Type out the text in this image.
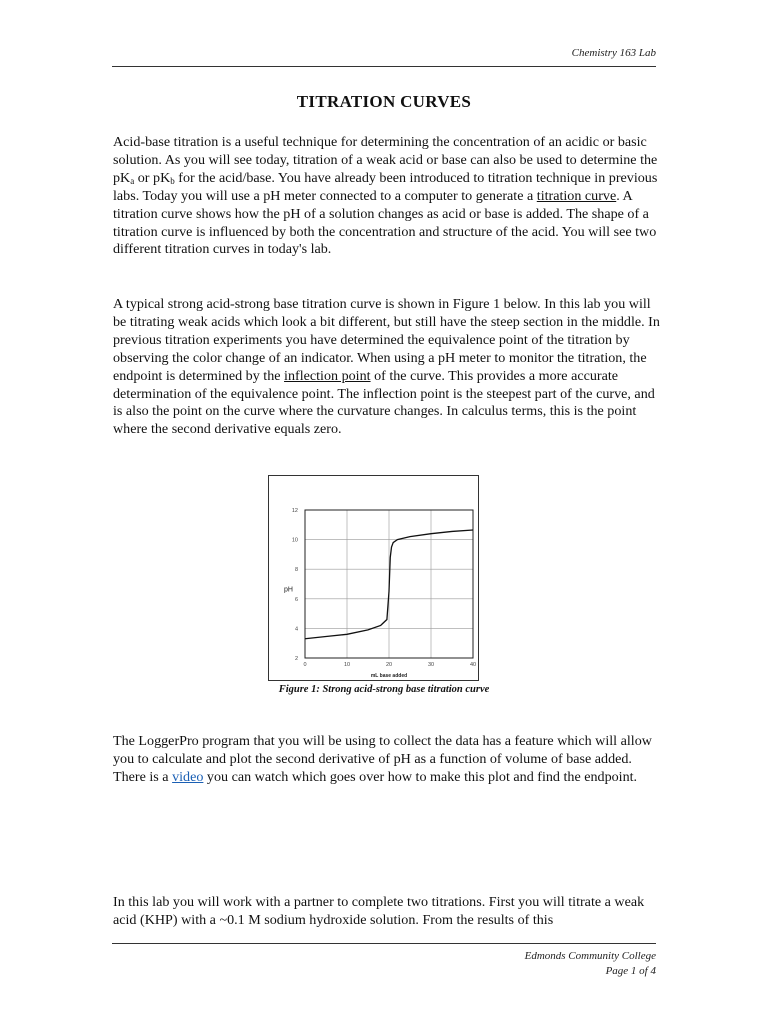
Chemistry 163 Lab
TITRATION CURVES

Acid-base titration is a useful technique for determining the concentration of an acidic or basic solution. As you will see today, titration of a weak acid or base can also be used to determine the $pK_a$ or $pK_b$ for the acid/base. You have already been introduced to titration technique in previous labs. Today you will use a pH meter connected to a computer to generate a titration curve. A titration curve shows how the pH of a solution changes as acid or base is added. The shape of a titration curve is influenced by both the concentration and structure of the acid. You will see two different titration curves in today's lab.

A typical strong acid-strong base titration curve is shown in Figure 1 below. In this lab you will be titrating weak acids which look a bit different, but still have the steep section in the middle. In previous titration experiments you have determined the equivalence point of the titration by observing the color change of an indicator. When using a pH meter to monitor the titration, the endpoint is determined by the inflection point of the curve. This provides a more accurate determination of the equivalence point. The inflection point is the steepest part of the curve, and is also the point on the curve where the curvature changes. In calculus terms, this is the point where the second derivative equals zero.

2
4
6
8
10
12
0	10	20	30	40
pH
mL base added
Figure 1: Strong acid-strong base titration curve

The LoggerPro program that you will be using to collect the data has a feature which will allow you to calculate and plot the second derivative of pH as a function of volume of base added. There is a video you can watch which goes over how to make this plot and find the endpoint.

In this lab you will work with a partner to complete two titrations. First you will titrate a weak acid (KHP) with a ~0.1 M sodium hydroxide solution. From the results of this

Edmonds Community College
Page 1 of 4
